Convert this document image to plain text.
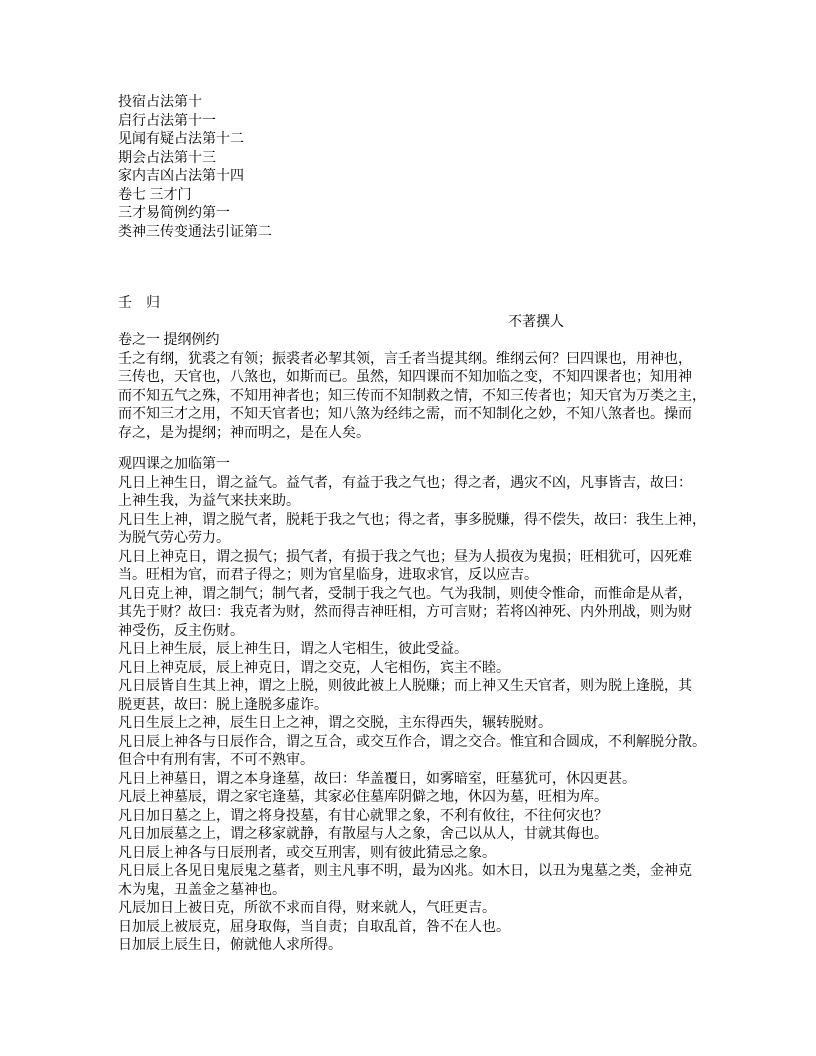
投宿占法第十
启行占法第十一
见闻有疑占法第十二
期会占法第十三
家内吉凶占法第十四
卷七 三才门
三才易简例约第一
类神三传变通法引证第二
壬　归
不著撰人
卷之一 提纲例约
壬之有纲，犹裘之有领；振裘者必挈其领，言壬者当提其纲。维纲云何？曰四课也，用神也，
三传也，天官也，八煞也，如斯而已。虽然，知四课而不知加临之变，不知四课者也；知用神
而不知五气之殊，不知用神者也；知三传而不知制救之情，不知三传者也；知天官为万类之主，
而不知三才之用，不知天官者也；知八煞为经纬之需，而不知制化之妙，不知八煞者也。操而
存之，是为提纲；神而明之，是在人矣。
观四课之加临第一
凡日上神生日，谓之益气。益气者，有益于我之气也；得之者，遇灾不凶，凡事皆吉，故曰：
上神生我，为益气来扶来助。
凡日生上神，谓之脱气者，脱耗于我之气也；得之者，事多脱赚，得不偿失，故曰：我生上神，
为脱气劳心劳力。
凡日上神克日，谓之损气；损气者，有损于我之气也；昼为人损夜为鬼损；旺相犹可，囚死难
当。旺相为官，而君子得之；则为官星临身，进取求官，反以应吉。
凡日克上神，谓之制气；制气者，受制于我之气也。气为我制，则使令惟命，而惟命是从者，
其先于财？故曰：我克者为财，然而得吉神旺相，方可言财；若将凶神死、内外刑战，则为财
神受伤，反主伤财。
凡日上神生辰，辰上神生日，谓之人宅相生，彼此受益。
凡日上神克辰，辰上神克日，谓之交克，人宅相伤，宾主不睦。
凡日辰皆自生其上神，谓之上脱，则彼此被上人脱赚；而上神又生天官者，则为脱上逢脱，其
脱更甚，故曰：脱上逢脱多虚诈。
凡日生辰上之神，辰生日上之神，谓之交脱，主东得西失，辗转脱财。
凡日辰上神各与日辰作合，谓之互合，或交互作合，谓之交合。惟宜和合圆成，不利解脱分散。
但合中有刑有害，不可不熟审。
凡日上神墓日，谓之本身逢墓，故曰：华盖覆日，如雾暗室，旺墓犹可，休囚更甚。
凡辰上神墓辰，谓之家宅逢墓，其家必住墓库阴僻之地，休囚为墓，旺相为库。
凡日加日墓之上，谓之将身投墓，有甘心就罪之象，不利有攸往，不往何灾也？
凡日加辰墓之上，谓之移家就静，有散屋与人之象，舍己以从人，甘就其侮也。
凡日辰上神各与日辰刑者，或交互刑害，则有彼此猜忌之象。
凡日辰上各见日鬼辰鬼之墓者，则主凡事不明，最为凶兆。如木日，以丑为鬼墓之类，金神克
木为鬼，丑盖金之墓神也。
凡辰加日上被日克，所欲不求而自得，财来就人，气旺更吉。
日加辰上被辰克，屈身取侮，当自责；自取乱首，咎不在人也。
日加辰上辰生日，俯就他人求所得。
